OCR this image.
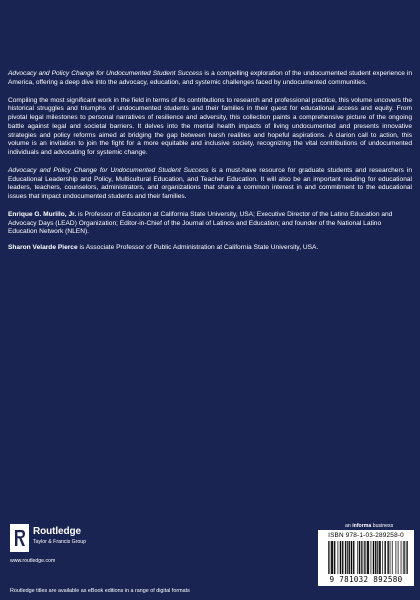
Advocacy and Policy Change for Undocumented Student Success is a compelling exploration of the undocumented student experience in America, offering a deep dive into the advocacy, education, and systemic challenges faced by undocumented communities.

Compiling the most significant work in the field in terms of its contributions to research and professional practice, this volume uncovers the historical struggles and triumphs of undocumented students and their families in their quest for educational access and equity. From pivotal legal milestones to personal narratives of resilience and adversity, this collection paints a comprehensive picture of the ongoing battle against legal and societal barriers. It delves into the mental health impacts of living undocumented and presents innovative strategies and policy reforms aimed at bridging the gap between harsh realities and hopeful aspirations. A clarion call to action, this volume is an invitation to join the fight for a more equitable and inclusive society, recognizing the vital contributions of undocumented individuals and advocating for systemic change.

Advocacy and Policy Change for Undocumented Student Success is a must-have resource for graduate students and researchers in Educational Leadership and Policy, Multicultural Education, and Teacher Education. It will also be an important reading for educational leaders, teachers, counselors, administrators, and organizations that share a common interest in and commitment to the educational issues that impact undocumented students and their families.

Enrique G. Murillo, Jr. is Professor of Education at California State University, USA; Executive Director of the Latino Education and Advocacy Days (LEAD) Organization; Editor-in-Chief of the Journal of Latinos and Education; and founder of the National Latino Education Network (NLEN).

Sharon Velarde Pierce is Associate Professor of Public Administration at California State University, USA.

Routledge
Taylor & Francis Group
www.routledge.com
an informa business
ISBN 978-1-03-289258-0
9 781032 892580
Routledge titles are available as eBook editions in a range of digital formats
